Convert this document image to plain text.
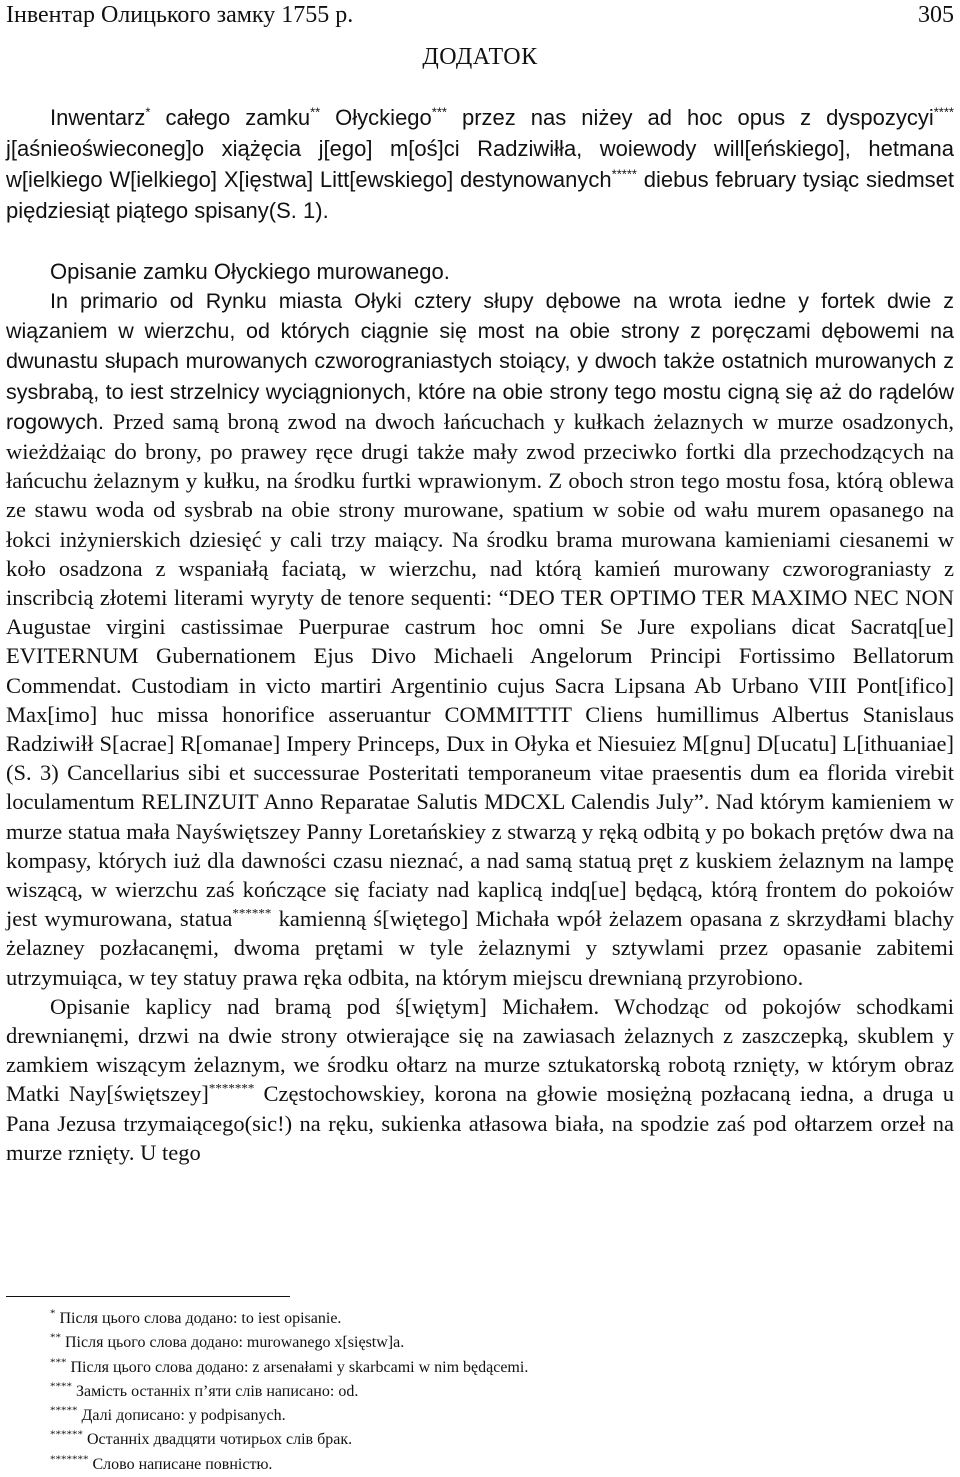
Інвентар Олицького замку 1755 р.	305
ДОДАТОК

Inwentarz* całego zamku** Ołyckiego*** przez nas niżey ad hoc opus z dyspozycyi**** j[aśnieoświeconeg]o xiążęcia j[ego] m[oś]ci Radziwiłła, woiewody will[eńskiego], hetmana w[ielkiego W[ielkiego] X[ięstwa] Litt[ewskiego] destynowanych***** diebus february tysiąc siedmset pięǳiesiąt piątego spisany(S. 1).

Opisanie zamku Ołyckiego murowanego.

In primario od Rynku miasta Ołyki cztery słupy dębowe na wrota iedne y fortek dwie z wiązaniem w wierzchu, od których ciągnie się most na obie strony z poręczami dębowemi na dwunastu słupach murowanych czworograniastych stoiący, y dwoch także ostatnich murowanych z sysbrabą, to iest strzelnicy wyciągnionych, które na obie strony tego mostu cigną się aż do rądelów rogowych. Przed samą broną zwod na dwoch łańcuchach y kułkach żelaznych w murze osadzonych, wieżdżaiąc do brony, po prawey ręce drugi także mały zwod przeciwko fortki dla przechodzących na łańcuchu żelaznym y kułku, na środku furtki wprawionym. Z oboch stron tego mostu fosa, którą oblewa ze stawu woda od sysbrab na obie strony murowane, spatium w sobie od wału murem opasanego na łokci inżynierskich dziesięć y cali trzy maiący. Na środku brama murowana kamieniami ciesanemi w koło osadzona z wspaniałą faciatą, w wierzchu, nad którą kamień murowany czworograniasty z inscribcią złotemi literami wyryty de tenore sequenti: “DEO TER OPTIMO TER MAXIMO NEC NON Augustae virgini castissimae Puerpurae castrum hoc omni Se Jure expolians dicat Sacratq[ue] EVITERNUM Gubernationem Ejus Divo Michaeli Angelorum Principi Fortissimo Bellatorum Commendat. Custodiam in victo martiri Argentinio cujus Sacra Lipsana Ab Urbano VIII Pont[ifico] Max[imo] huc missa honorifice asseruantur COMMITTIT Cliens humillimus Albertus Stanislaus Radziwiłł S[acrae] R[omanae] Impery Princeps, Dux in Ołyka et Niesuiez M[gnu] D[ucatu] L[ithuaniae](S. 3) Cancellarius sibi et successurae Posteritati temporaneum vitae praesentis dum ea florida virebit loculamentum RELINZUIT Anno Reparatae Salutis MDCXL Calendis July”. Nad którym kamieniem w murze statua mała Nayświętszey Panny Loretańskiey z stwarzą y ręką odbitą y po bokach prętów dwa na kompasy, których iuż dla dawności czasu nieznać, a nad samą statuą pręt z kuskiem żelaznym na lampę wiszącą, w wierzchu zaś kończące się faciaty nad kaplicą indq[ue] będącą, którą frontem do pokoiów jest wymurowana, statua****** kamienną ś[więtego] Michała wpół żelazem opasana z skrzydłami blachy żelazney pozłacanęmi, dwoma prętami w tyle żelaznymi y sztywlami przez opasanie zabitemi utrzymuiąca, w tey statuy prawa ręka odbita, na którym miejscu drewnianą przyrobiono.

Opisanie kaplicy nad bramą pod ś[więtym] Michałem. Wchodząc od pokojów schodkami drewnianęmi, drzwi na dwie strony otwierające się na zawiasach żelaznych z zaszczepką, skublem y zamkiem wiszącym żelaznym, we środku ołtarz na murze sztukatorską robotą rznięty, w którym obraz Matki Nay[świętszey]******* Częstochowskiey, korona na głowie mosiężną pozłacaną iedna, a druga u Pana Jezusa trzymaiącego(sic!) na ręku, sukienka atłasowa biała, na spodzie zaś pod ołtarzem orzeł na murze rznięty. U tego

* Після цього слова додано: to iest opisanie.
** Після цього слова додано: murowanego x[sięstw]a.
*** Після цього слова додано: z arsenałami y skarbcami w nim będącemi.
**** Замість останніх п’яти слів написано: od.
***** Далі дописано: y podpisanych.
****** Останніх двадцяти чотирьох слів брак.
******* Слово написане повністю.
